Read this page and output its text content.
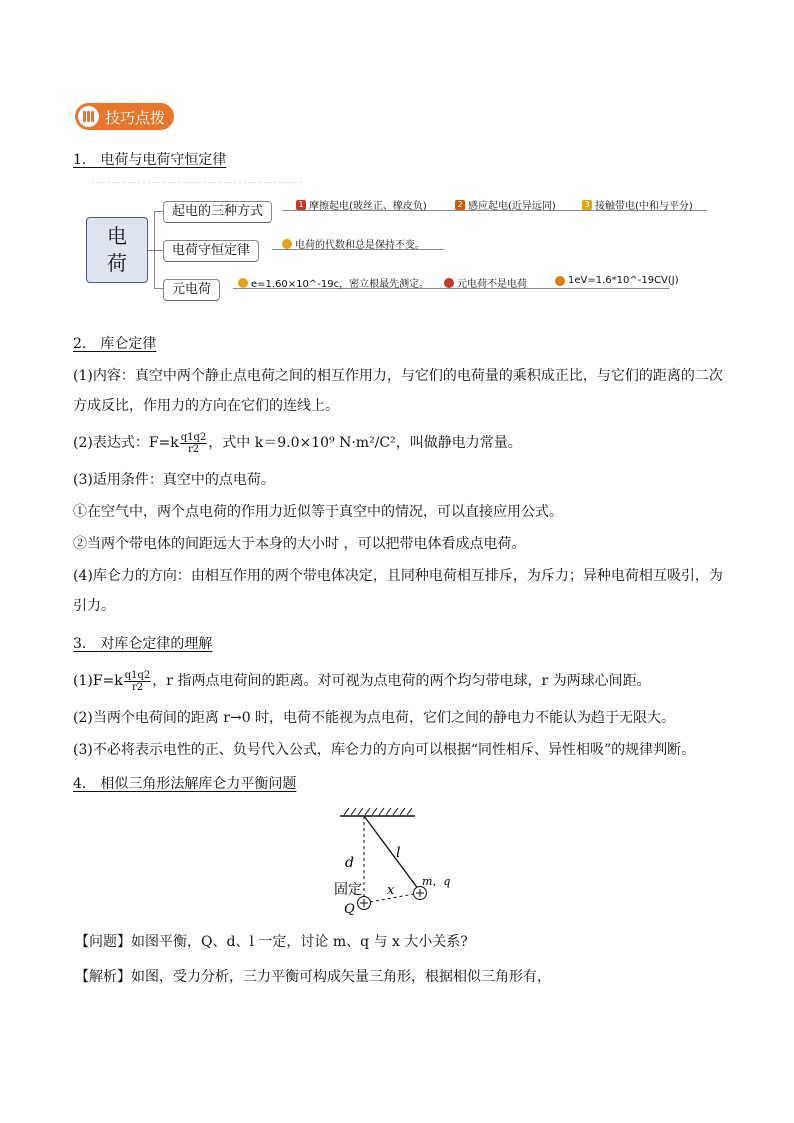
技巧点拨
1． 电荷与电荷守恒定律
电荷
起电的三种方式
电荷守恒定律
元电荷
1 摩擦起电(玻丝正、橡皮负)	2 感应起电(近异远同)	3 接触带电(中和与平分)
电荷的代数和总是保持不变。
e=1.60×10^-19c，密立根最先测定。	元电荷不是电荷	1eV=1.6*10^-19CV(J)
2． 库仑定律
(1)内容：真空中两个静止点电荷之间的相互作用力，与它们的电荷量的乘积成正比，与它们的距离的二次方成反比，作用力的方向在它们的连线上。
(2)表达式：$F=k \frac{q1q2}{r2}$ ，式中 k＝9.0×10⁹ N·m²/C²，叫做静电力常量。
(3)适用条件：真空中的点电荷。
①在空气中，两个点电荷的作用力近似等于真空中的情况，可以直接应用公式。
②当两个带电体的间距远大于本身的大小时 ，可以把带电体看成点电荷。
(4)库仑力的方向：由相互作用的两个带电体决定，且同种电荷相互排斥，为斥力；异种电荷相互吸引，为引力。
3． 对库仑定律的理解
$(1)F=k \frac{q1q2}{r2}$ ，r 指两点电荷间的距离。对可视为点电荷的两个均匀带电球，r 为两球心间距。
(2)当两个电荷间的距离 r→0 时，电荷不能视为点电荷，它们之间的静电力不能认为趋于无限大。
(3)不必将表示电性的正、负号代入公式，库仑力的方向可以根据“同性相斥、异性相吸”的规律判断。
4． 相似三角形法解库仑力平衡问题
d
l
固定
Q
x
m，q
【问题】如图平衡，Q、d、l 一定，讨论 m、q 与 x 大小关系?
【解析】如图，受力分析，三力平衡可构成矢量三角形，根据相似三角形有，
